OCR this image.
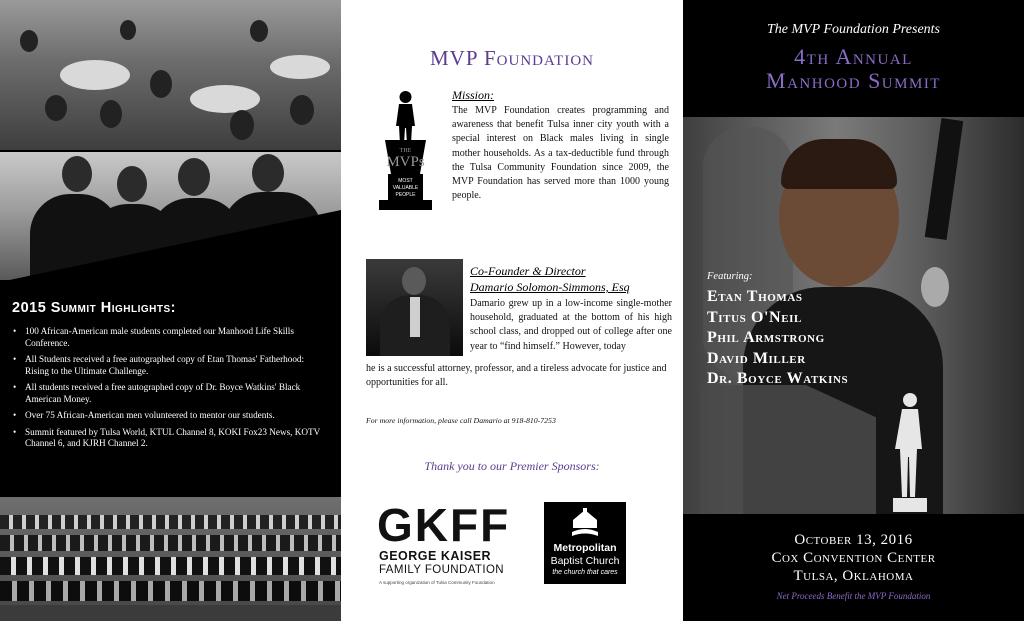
2015 Summit Highlights:
• 100 African-American male students completed our Manhood Life Skills Conference.
• All Students received a free autographed copy of Etan Thomas' Fatherhood: Rising to the Ultimate Challenge.
• All students received a free autographed copy of Dr. Boyce Watkins' Black American Money.
• Over 75 African-American men volunteered to mentor our students.
• Summit featured by Tulsa World, KTUL Channel 8, KOKI Fox23 News, KOTV Channel 6, and KJRH Channel 2.
MVP Foundation
THE
MVPs
MOST
VALUABLE
PEOPLE
Mission:
The MVP Foundation creates programming and awareness that benefit Tulsa inner city youth with a special interest on Black males living in single mother households. As a tax-deductible fund through the Tulsa Community Foundation since 2009, the MVP Foundation has served more than 1000 young people.
Co-Founder & Director
Damario Solomon-Simmons, Esq
Damario grew up in a low-income single-mother household, graduated at the bottom of his high school class, and dropped out of college after one year to “find himself.” However, today
he is a successful attorney, professor, and a tireless advocate for justice and opportunities for all.
For more information, please call Damario at 918-810-7253
Thank you to our Premier Sponsors:
GKFF
GEORGE KAISER
FAMILY FOUNDATION
A supporting organization of Tulsa Community Foundation
Metropolitan
Baptist Church
the church that cares
The MVP Foundation Presents
4th Annual
Manhood Summit
Featuring:
Etan Thomas
Titus O'Neil
Phil Armstrong
David Miller
Dr. Boyce Watkins
October 13, 2016
Cox Convention Center
Tulsa, Oklahoma
Net Proceeds Benefit the MVP Foundation
